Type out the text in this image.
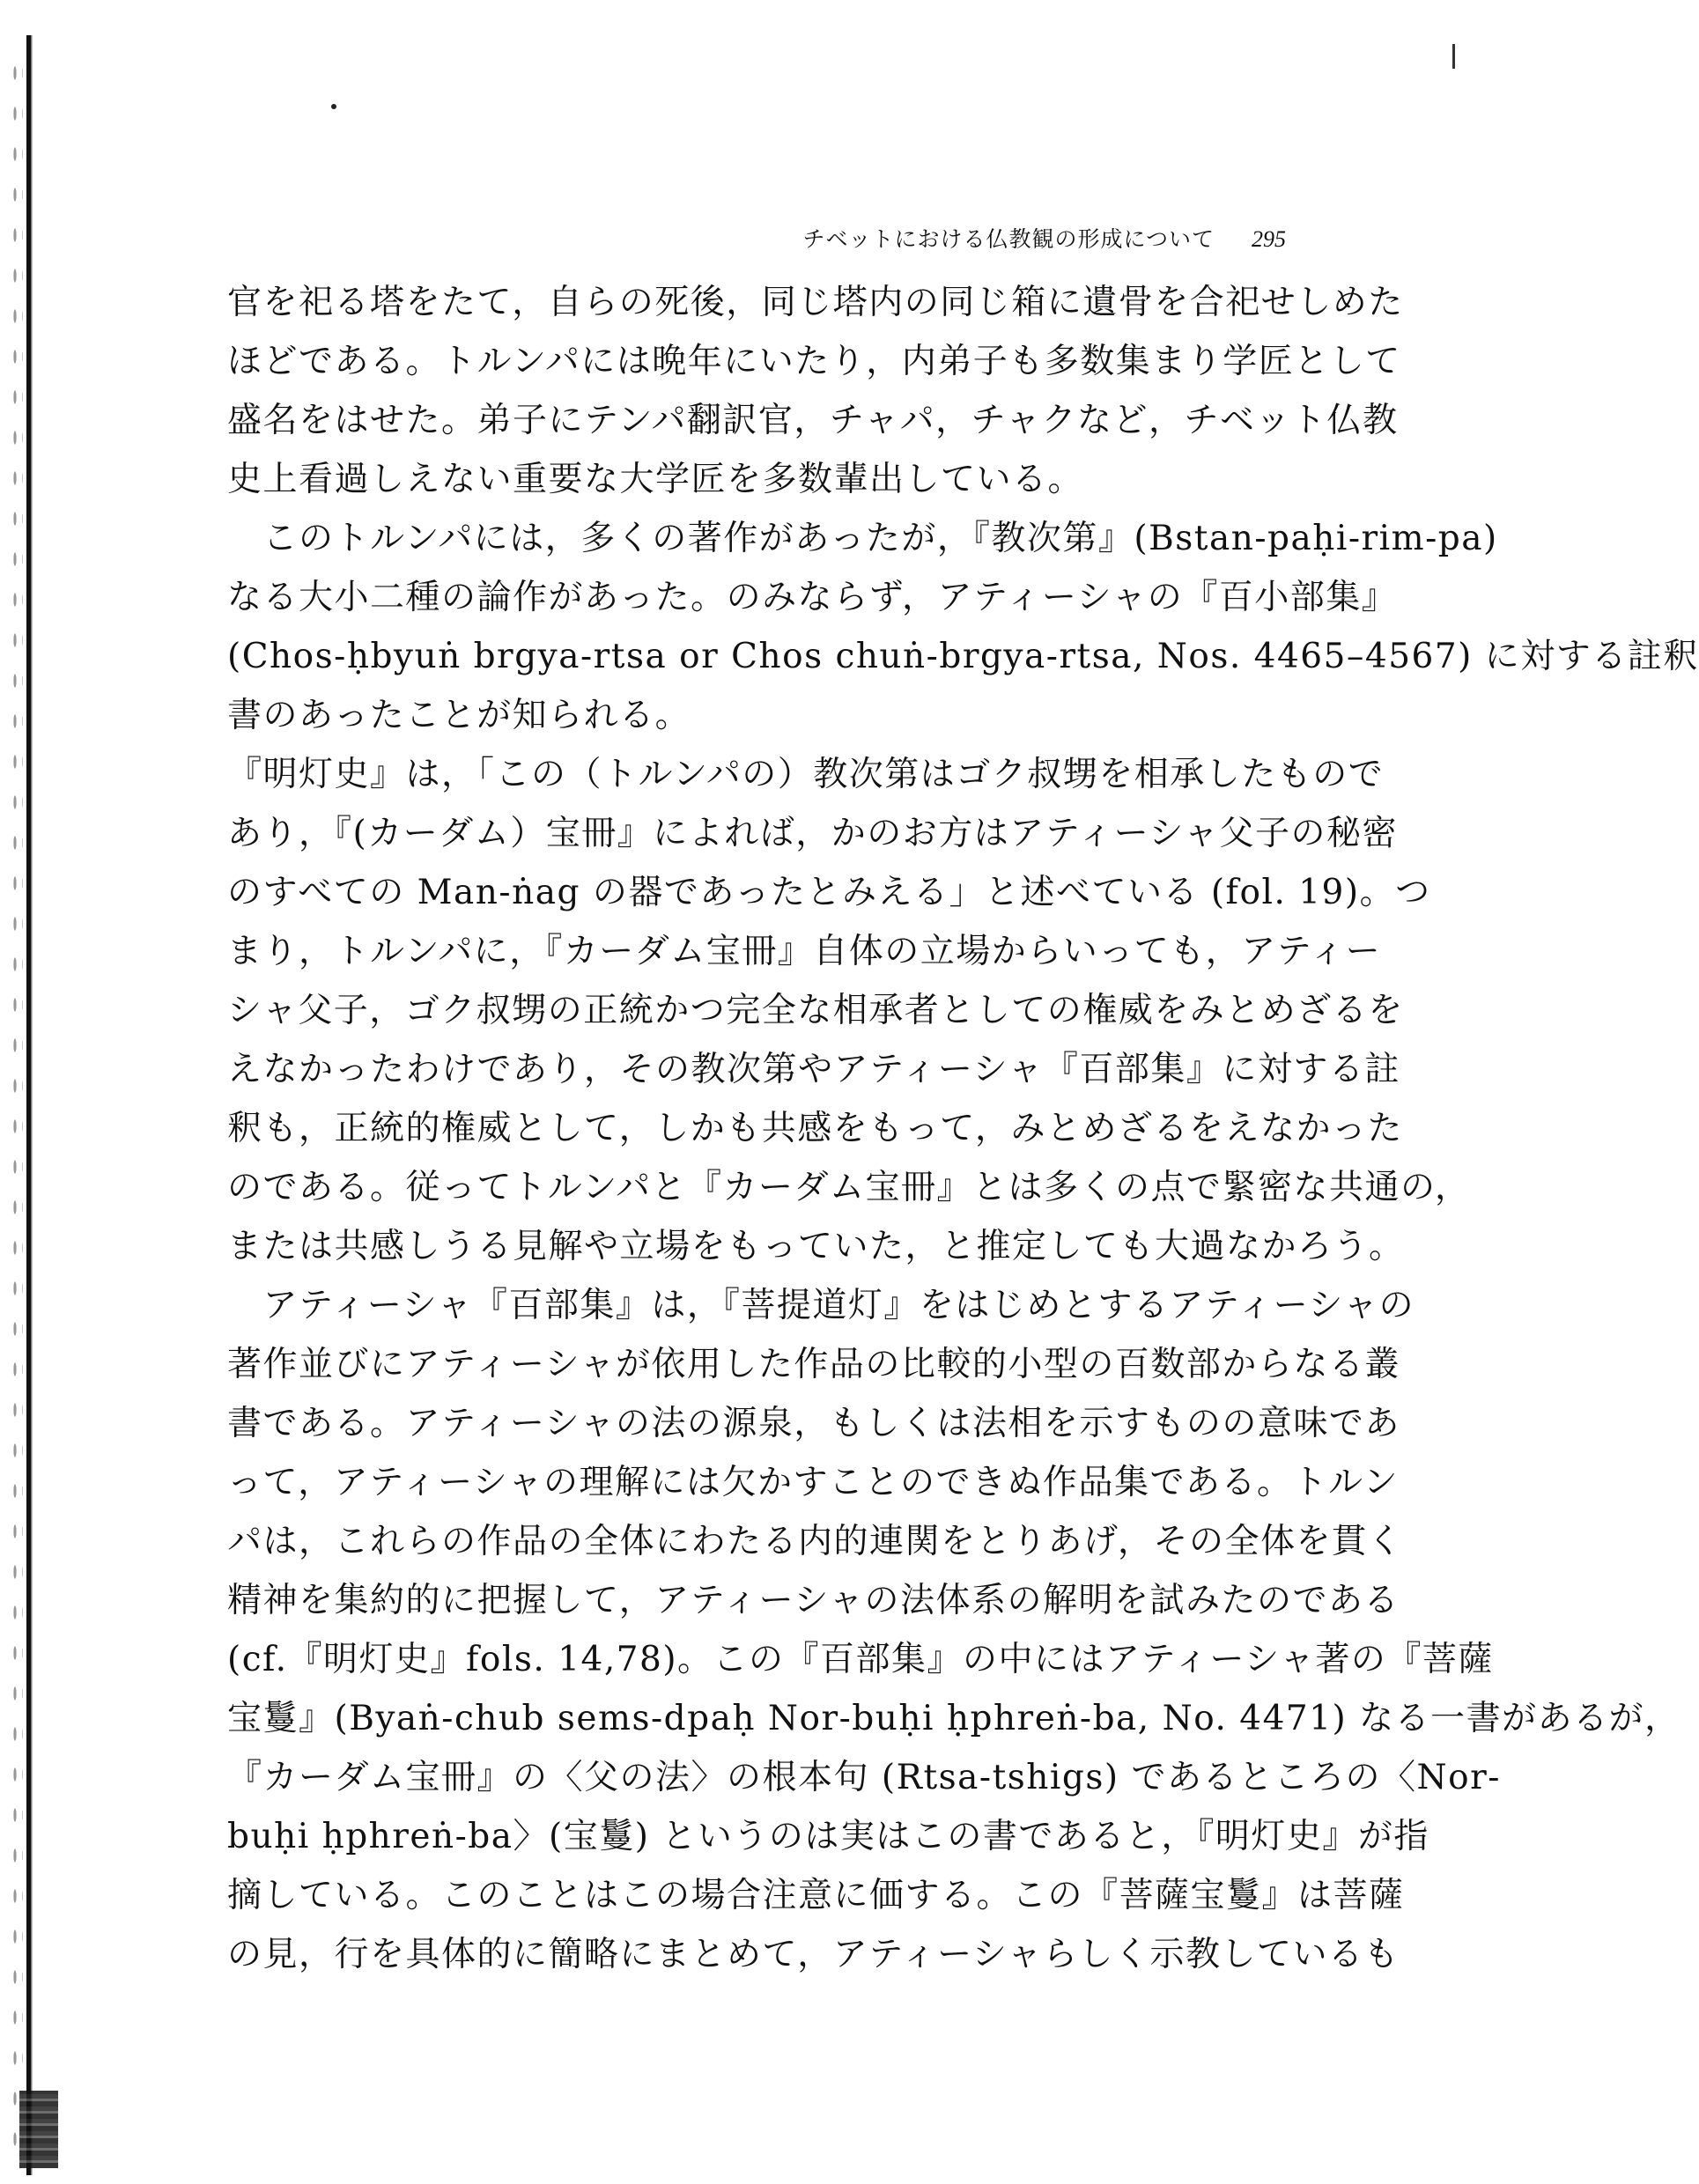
チベットにおける仏教観の形成について 295
官を祀る塔をたて，自らの死後，同じ塔内の同じ箱に遺骨を合祀せしめた
ほどである。トルンパには晩年にいたり，内弟子も多数集まり学匠として
盛名をはせた。弟子にテンパ翻訳官，チャパ，チャクなど，チベット仏教
史上看過しえない重要な大学匠を多数輩出している。
　このトルンパには，多くの著作があったが，『教次第』(Bstan-paḥi-rim-pa)
なる大小二種の論作があった。のみならず，アティーシャの『百小部集』
(Chos-ḥbyuṅ brgya-rtsa or Chos chuṅ-brgya-rtsa, Nos. 4465–4567) に対する註釈
書のあったことが知られる。
『明灯史』は，「この（トルンパの）教次第はゴク叔甥を相承したもので
あり，『(カーダム）宝冊』によれば，かのお方はアティーシャ父子の秘密
のすべての Man-ṅag の器であったとみえる」と述べている (fol. 19)。つ
まり，トルンパに，『カーダム宝冊』自体の立場からいっても，アティー
シャ父子，ゴク叔甥の正統かつ完全な相承者としての権威をみとめざるを
えなかったわけであり，その教次第やアティーシャ『百部集』に対する註
釈も，正統的権威として，しかも共感をもって，みとめざるをえなかった
のである。従ってトルンパと『カーダム宝冊』とは多くの点で緊密な共通の，
または共感しうる見解や立場をもっていた，と推定しても大過なかろう。
　アティーシャ『百部集』は，『菩提道灯』をはじめとするアティーシャの
著作並びにアティーシャが依用した作品の比較的小型の百数部からなる叢
書である。アティーシャの法の源泉，もしくは法相を示すものの意味であ
って，アティーシャの理解には欠かすことのできぬ作品集である。トルン
パは，これらの作品の全体にわたる内的連関をとりあげ，その全体を貫く
精神を集約的に把握して，アティーシャの法体系の解明を試みたのである
(cf.『明灯史』fols. 14,78)。この『百部集』の中にはアティーシャ著の『菩薩
宝鬘』(Byaṅ-chub sems-dpaḥ Nor-buḥi ḥphreṅ-ba, No. 4471) なる一書があるが，
『カーダム宝冊』の〈父の法〉の根本句 (Rtsa-tshigs) であるところの〈Nor-
buḥi ḥphreṅ-ba〉(宝鬘) というのは実はこの書であると，『明灯史』が指
摘している。このことはこの場合注意に価する。この『菩薩宝鬘』は菩薩
の見，行を具体的に簡略にまとめて，アティーシャらしく示教しているも
